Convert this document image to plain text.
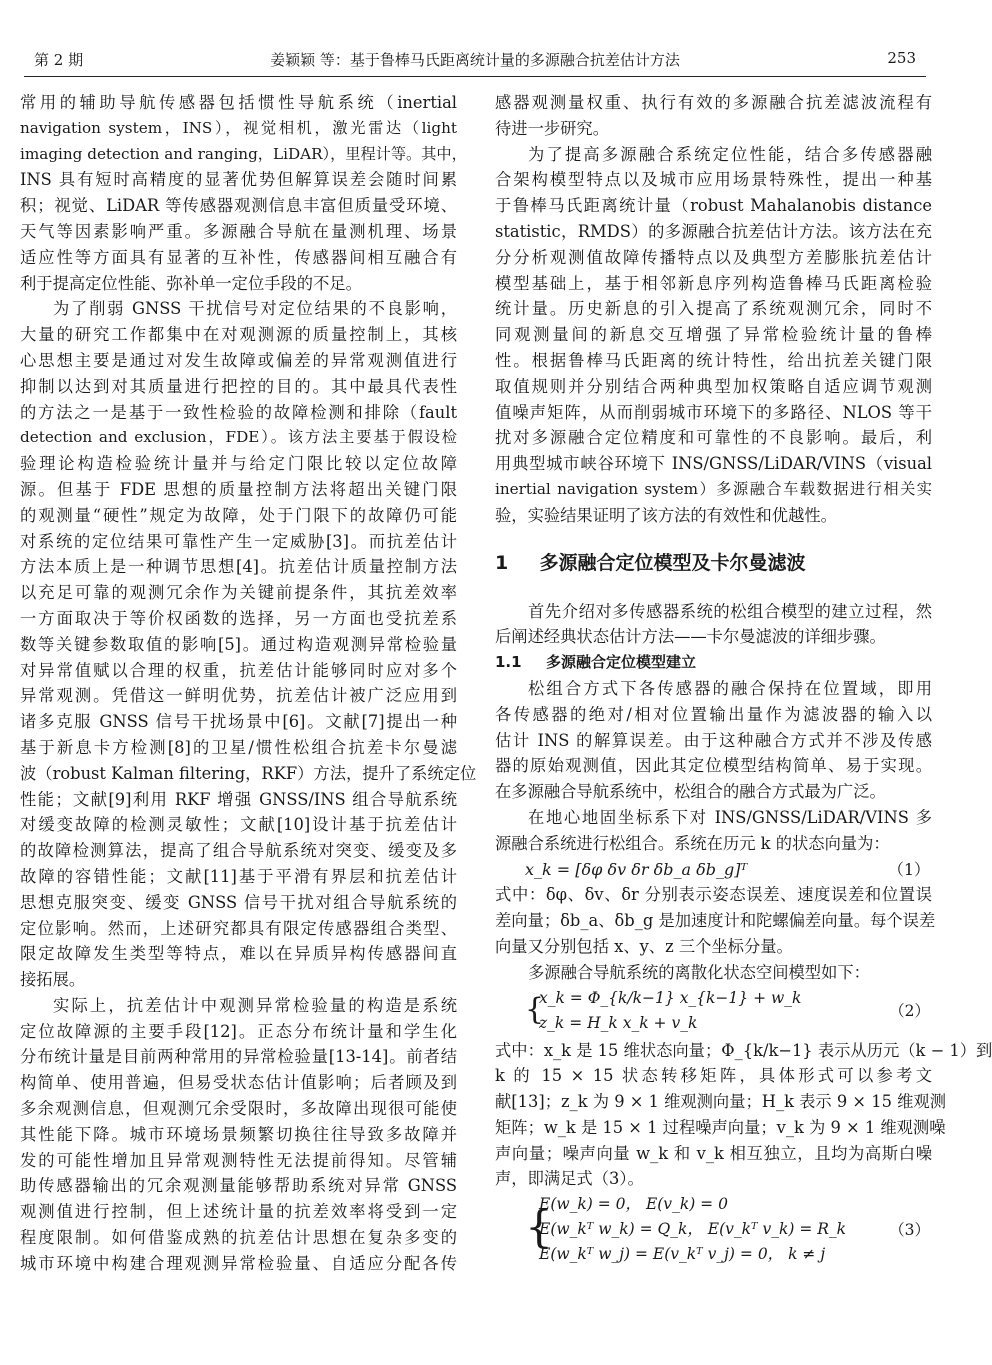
第 2 期	姜颖颖 等：基于鲁棒马氏距离统计量的多源融合抗差估计方法	253
常用的辅助导航传感器包括惯性导航系统（inertial
navigation system，INS），视觉相机，激光雷达（light
imaging detection and ranging，LiDAR），里程计等。其中，
INS 具有短时高精度的显著优势但解算误差会随时间累
积；视觉、LiDAR 等传感器观测信息丰富但质量受环境、
天气等因素影响严重。多源融合导航在量测机理、场景
适应性等方面具有显著的互补性，传感器间相互融合有
利于提高定位性能、弥补单一定位手段的不足。
为了削弱 GNSS 干扰信号对定位结果的不良影响，
大量的研究工作都集中在对观测源的质量控制上，其核
心思想主要是通过对发生故障或偏差的异常观测值进行
抑制以达到对其质量进行把控的目的。其中最具代表性
的方法之一是基于一致性检验的故障检测和排除（fault
detection and exclusion，FDE）。该方法主要基于假设检
验理论构造检验统计量并与给定门限比较以定位故障
源。但基于 FDE 思想的质量控制方法将超出关键门限
的观测量“硬性”规定为故障，处于门限下的故障仍可能
对系统的定位结果可靠性产生一定威胁[3]。而抗差估计
方法本质上是一种调节思想[4]。抗差估计质量控制方法
以充足可靠的观测冗余作为关键前提条件，其抗差效率
一方面取决于等价权函数的选择，另一方面也受抗差系
数等关键参数取值的影响[5]。通过构造观测异常检验量
对异常值赋以合理的权重，抗差估计能够同时应对多个
异常观测。凭借这一鲜明优势，抗差估计被广泛应用到
诸多克服 GNSS 信号干扰场景中[6]。文献[7]提出一种
基于新息卡方检测[8]的卫星/惯性松组合抗差卡尔曼滤
波（robust Kalman filtering，RKF）方法，提升了系统定位
性能；文献[9]利用 RKF 增强 GNSS/INS 组合导航系统
对缓变故障的检测灵敏性；文献[10]设计基于抗差估计
的故障检测算法，提高了组合导航系统对突变、缓变及多
故障的容错性能；文献[11]基于平滑有界层和抗差估计
思想克服突变、缓变 GNSS 信号干扰对组合导航系统的
定位影响。然而，上述研究都具有限定传感器组合类型、
限定故障发生类型等特点，难以在异质异构传感器间直
接拓展。
实际上，抗差估计中观测异常检验量的构造是系统
定位故障源的主要手段[12]。正态分布统计量和学生化
分布统计量是目前两种常用的异常检验量[13-14]。前者结
构简单、使用普遍，但易受状态估计值影响；后者顾及到
多余观测信息，但观测冗余受限时，多故障出现很可能使
其性能下降。城市环境场景频繁切换往往导致多故障并
发的可能性增加且异常观测特性无法提前得知。尽管辅
助传感器输出的冗余观测量能够帮助系统对异常 GNSS
观测值进行控制，但上述统计量的抗差效率将受到一定
程度限制。如何借鉴成熟的抗差估计思想在复杂多变的
城市环境中构建合理观测异常检验量、自适应分配各传
感器观测量权重、执行有效的多源融合抗差滤波流程有
待进一步研究。
为了提高多源融合系统定位性能，结合多传感器融
合架构模型特点以及城市应用场景特殊性，提出一种基
于鲁棒马氏距离统计量（robust Mahalanobis distance
statistic，RMDS）的多源融合抗差估计方法。该方法在充
分分析观测值故障传播特点以及典型方差膨胀抗差估计
模型基础上，基于相邻新息序列构造鲁棒马氏距离检验
统计量。历史新息的引入提高了系统观测冗余，同时不
同观测量间的新息交互增强了异常检验统计量的鲁棒
性。根据鲁棒马氏距离的统计特性，给出抗差关键门限
取值规则并分别结合两种典型加权策略自适应调节观测
值噪声矩阵，从而削弱城市环境下的多路径、NLOS 等干
扰对多源融合定位精度和可靠性的不良影响。最后，利
用典型城市峡谷环境下 INS/GNSS/LiDAR/VINS（visual
inertial navigation system）多源融合车载数据进行相关实
验，实验结果证明了该方法的有效性和优越性。
1 多源融合定位模型及卡尔曼滤波
首先介绍对多传感器系统的松组合模型的建立过程，然
后阐述经典状态估计方法——卡尔曼滤波的详细步骤。
1.1 多源融合定位模型建立
松组合方式下各传感器的融合保持在位置域，即用
各传感器的绝对/相对位置输出量作为滤波器的输入以
估计 INS 的解算误差。由于这种融合方式并不涉及传感
器的原始观测值，因此其定位模型结构简单、易于实现。
在多源融合导航系统中，松组合的融合方式最为广泛。
在地心地固坐标系下对 INS/GNSS/LiDAR/VINS 多
源融合系统进行松组合。系统在历元 k 的状态向量为：
x_k = [δφ δv δr δb_a δb_g]ᵀ	（1）
式中：δφ、δv、δr 分别表示姿态误差、速度误差和位置误
差向量；δb_a、δb_g 是加速度计和陀螺偏差向量。每个误差
向量又分别包括 x、y、z 三个坐标分量。
多源融合导航系统的离散化状态空间模型如下：
{
x_k = Φ_{k/k−1} x_{k−1} + w_k
z_k = H_k x_k + v_k
（2）
式中：x_k 是 15 维状态向量；Φ_{k/k−1} 表示从历元（k − 1）到
k 的 15 × 15 状态转移矩阵，具体形式可以参考文
献[13]；z_k 为 9 × 1 维观测向量；H_k 表示 9 × 15 维观测
矩阵；w_k 是 15 × 1 过程噪声向量；v_k 为 9 × 1 维观测噪
声向量；噪声向量 w_k 和 v_k 相互独立，且均为高斯白噪
声，即满足式（3）。
{
E(w_k) = 0， E(v_k) = 0
E(w_kᵀ w_k) = Q_k， E(v_kᵀ v_k) = R_k
E(w_kᵀ w_j) = E(v_kᵀ v_j) = 0， k ≠ j
（3）
